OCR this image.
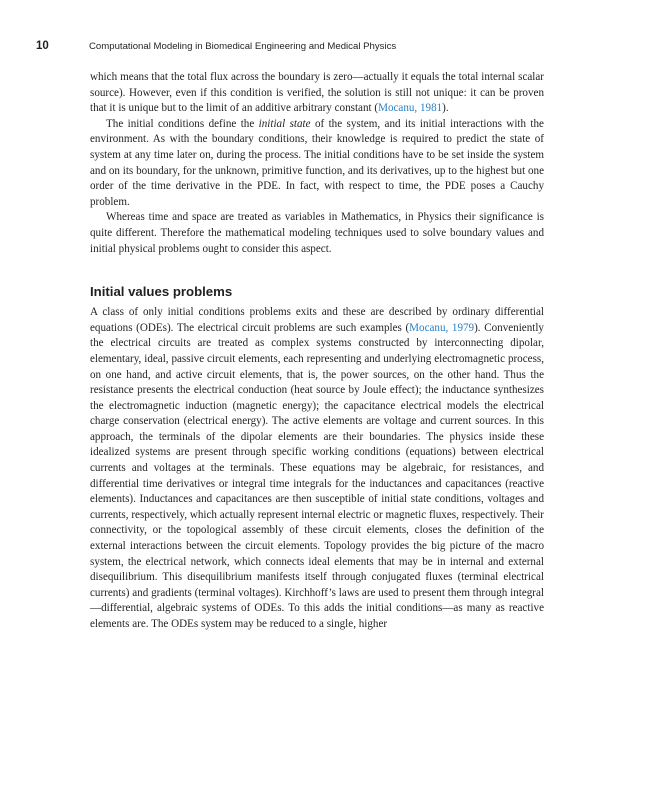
10	Computational Modeling in Biomedical Engineering and Medical Physics

which means that the total flux across the boundary is zero—actually it equals the total internal scalar source). However, even if this condition is verified, the solution is still not unique: it can be proven that it is unique but to the limit of an additive arbitrary constant (Mocanu, 1981).

The initial conditions define the initial state of the system, and its initial interactions with the environment. As with the boundary conditions, their knowledge is required to predict the state of system at any time later on, during the process. The initial conditions have to be set inside the system and on its boundary, for the unknown, primitive function, and its derivatives, up to the highest but one order of the time derivative in the PDE. In fact, with respect to time, the PDE poses a Cauchy problem.

Whereas time and space are treated as variables in Mathematics, in Physics their significance is quite different. Therefore the mathematical modeling techniques used to solve boundary values and initial physical problems ought to consider this aspect.

Initial values problems

A class of only initial conditions problems exits and these are described by ordinary differential equations (ODEs). The electrical circuit problems are such examples (Mocanu, 1979). Conveniently the electrical circuits are treated as complex systems constructed by interconnecting dipolar, elementary, ideal, passive circuit elements, each representing and underlying electromagnetic process, on one hand, and active circuit elements, that is, the power sources, on the other hand. Thus the resistance presents the electrical conduction (heat source by Joule effect); the inductance synthesizes the electromagnetic induction (magnetic energy); the capacitance electrical models the electrical charge conservation (electrical energy). The active elements are voltage and current sources. In this approach, the terminals of the dipolar elements are their boundaries. The physics inside these idealized systems are present through specific working conditions (equations) between electrical currents and voltages at the terminals. These equations may be algebraic, for resistances, and differential time derivatives or integral time integrals for the inductances and capacitances (reactive elements). Inductances and capacitances are then susceptible of initial state conditions, voltages and currents, respectively, which actually represent internal electric or magnetic fluxes, respectively. Their connectivity, or the topological assembly of these circuit elements, closes the definition of the external interactions between the circuit elements. Topology provides the big picture of the macro system, the electrical network, which connects ideal elements that may be in internal and external disequilibrium. This disequilibrium manifests itself through conjugated fluxes (terminal electrical currents) and gradients (terminal voltages). Kirchhoff’s laws are used to present them through integral—differential, algebraic systems of ODEs. To this adds the initial conditions—as many as reactive elements are. The ODEs system may be reduced to a single, higher
